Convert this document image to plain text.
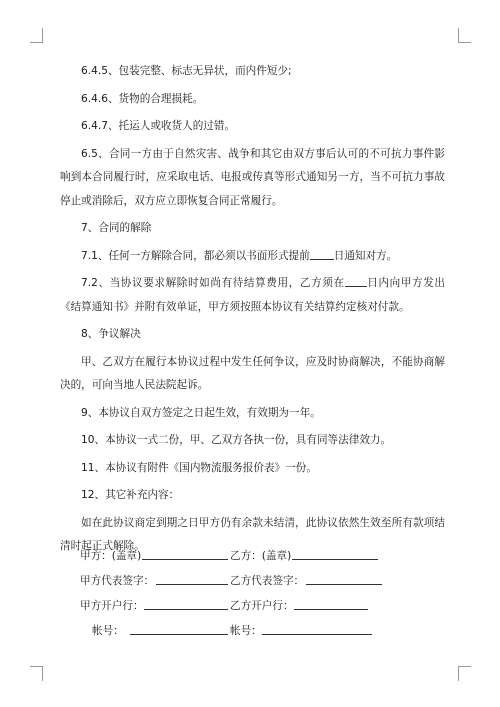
6.4.5、包装完整、标志无异状，而内件短少;

6.4.6、货物的合理损耗。

6.4.7、托运人或收货人的过错。

6.5、合同一方由于自然灾害、战争和其它由双方事后认可的不可抗力事件影响到本合同履行时，应采取电话、电报或传真等形式通知另一方，当不可抗力事故停止或消除后，双方应立即恢复合同正常履行。

7、合同的解除

7.1、任何一方解除合同，都必须以书面形式提前 日通知对方。

7.2、当协议要求解除时如尚有待结算费用，乙方须在 日内向甲方发出《结算通知书》并附有效单证，甲方须按照本协议有关结算约定核对付款。

8、争议解决

甲、乙双方在履行本协议过程中发生任何争议，应及时协商解决，不能协商解决的，可向当地人民法院起诉。

9、本协议自双方签定之日起生效，有效期为一年。

10、本协议一式二份，甲、乙双方各执一份，具有同等法律效力。

11、本协议有附件《国内物流服务报价表》一份。

12、其它补充内容：

如在此协议商定到期之日甲方仍有余款未结清，此协议依然生效至所有款项结清时起正式解除。

甲方：(盖章)	乙方：(盖章)
甲方代表签字：	乙方代表签字：
甲方开户行：	乙方开户行：
帐号：	帐号：
